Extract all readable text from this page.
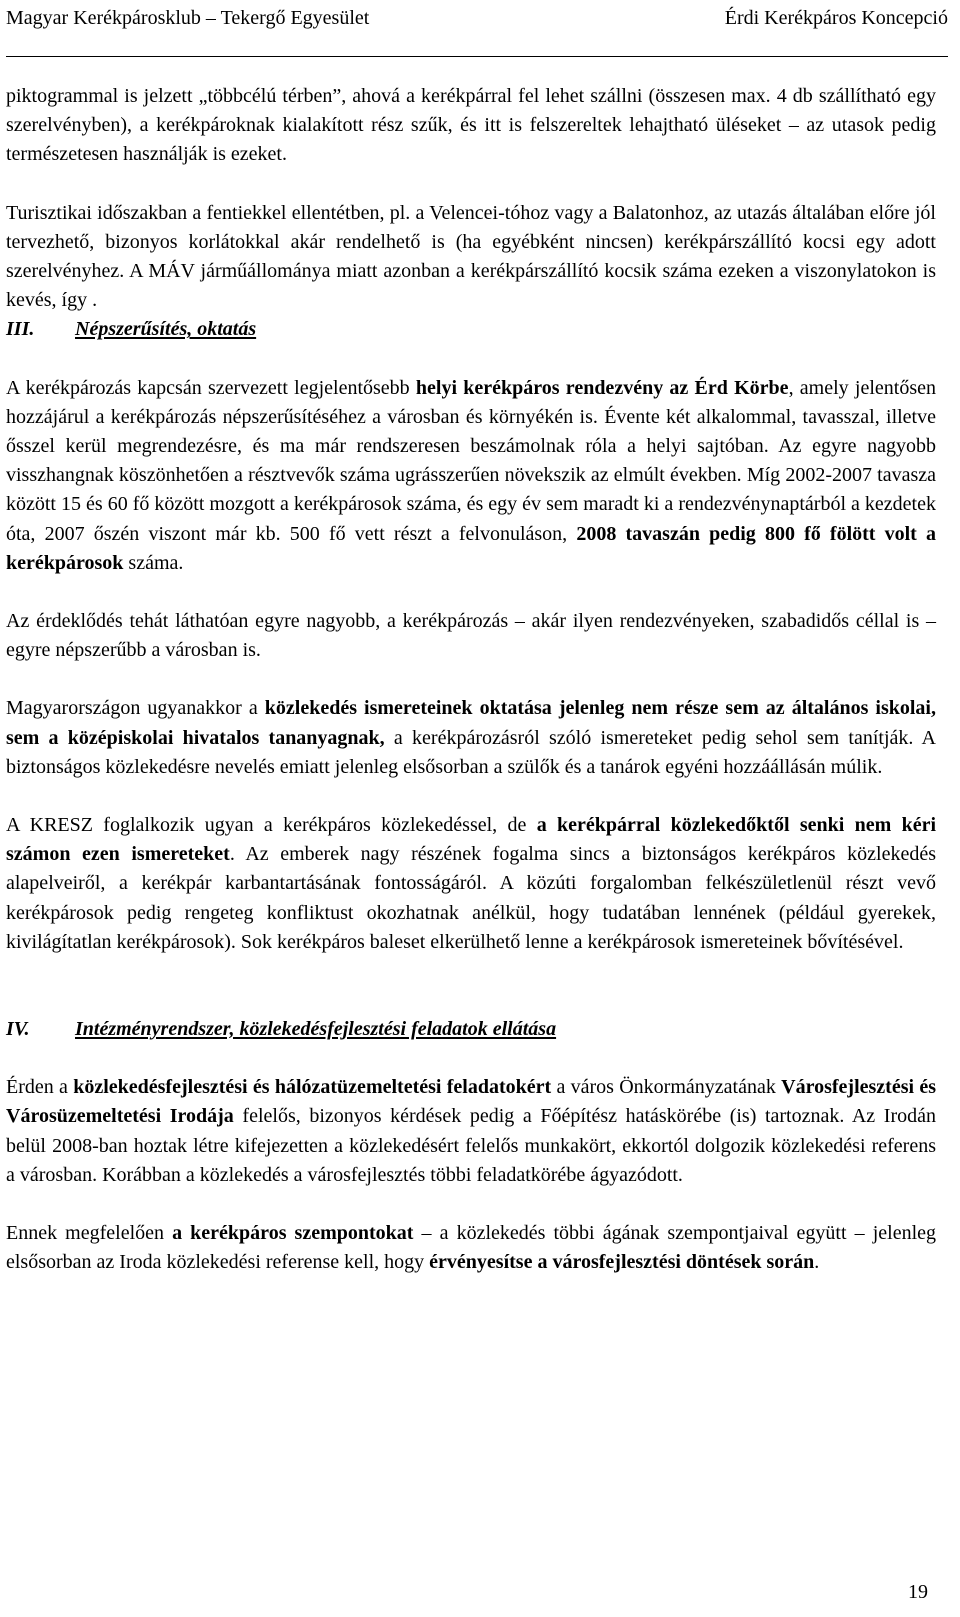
Magyar Kerékpárosklub – Tekergő Egyesület	Érdi Kerékpáros Koncepció

piktogrammal is jelzett „többcélú térben”, ahová a kerékpárral fel lehet szállni (összesen max. 4 db szállítható egy szerelvényben), a kerékpároknak kialakított rész szűk, és itt is felszereltek lehajtható üléseket – az utasok pedig természetesen használják is ezeket.

Turisztikai időszakban a fentiekkel ellentétben, pl. a Velencei-tóhoz vagy a Balatonhoz, az utazás általában előre jól tervezhető, bizonyos korlátokkal akár rendelhető is (ha egyébként nincsen) kerékpárszállító kocsi egy adott szerelvényhez. A MÁV járműállománya miatt azonban a kerékpárszállító kocsik száma ezeken a viszonylatokon is kevés, így .

III. Népszerűsítés, oktatás

A kerékpározás kapcsán szervezett legjelentősebb helyi kerékpáros rendezvény az Érd Körbe, amely jelentősen hozzájárul a kerékpározás népszerűsítéséhez a városban és környékén is. Évente két alkalommal, tavasszal, illetve ősszel kerül megrendezésre, és ma már rendszeresen beszámolnak róla a helyi sajtóban. Az egyre nagyobb visszhangnak köszönhetően a résztvevők száma ugrásszerűen növekszik az elmúlt években. Míg 2002-2007 tavasza között 15 és 60 fő között mozgott a kerékpárosok száma, és egy év sem maradt ki a rendezvénynaptárból a kezdetek óta, 2007 őszén viszont már kb. 500 fő vett részt a felvonuláson, 2008 tavaszán pedig 800 fő fölött volt a kerékpárosok száma.

Az érdeklődés tehát láthatóan egyre nagyobb, a kerékpározás – akár ilyen rendezvényeken, szabadidős céllal is – egyre népszerűbb a városban is.

Magyarországon ugyanakkor a közlekedés ismereteinek oktatása jelenleg nem része sem az általános iskolai, sem a középiskolai hivatalos tananyagnak, a kerékpározásról szóló ismereteket pedig sehol sem tanítják. A biztonságos közlekedésre nevelés emiatt jelenleg elsősorban a szülők és a tanárok egyéni hozzáállásán múlik.

A KRESZ foglalkozik ugyan a kerékpáros közlekedéssel, de a kerékpárral közlekedőktől senki nem kéri számon ezen ismereteket. Az emberek nagy részének fogalma sincs a biztonságos kerékpáros közlekedés alapelveiről, a kerékpár karbantartásának fontosságáról. A közúti forgalomban felkészületlenül részt vevő kerékpárosok pedig rengeteg konfliktust okozhatnak anélkül, hogy tudatában lennének (például gyerekek, kivilágítatlan kerékpárosok). Sok kerékpáros baleset elkerülhető lenne a kerékpárosok ismereteinek bővítésével.

IV. Intézményrendszer, közlekedésfejlesztési feladatok ellátása

Érden a közlekedésfejlesztési és hálózatüzemeltetési feladatokért a város Önkormányzatának Városfejlesztési és Városüzemeltetési Irodája felelős, bizonyos kérdések pedig a Főépítész hatáskörébe (is) tartoznak. Az Irodán belül 2008-ban hoztak létre kifejezetten a közlekedésért felelős munkakört, ekkortól dolgozik közlekedési referens a városban. Korábban a közlekedés a városfejlesztés többi feladatkörébe ágyazódott.

Ennek megfelelően a kerékpáros szempontokat – a közlekedés többi ágának szempontjaival együtt – jelenleg elsősorban az Iroda közlekedési referense kell, hogy érvényesítse a városfejlesztési döntések során.

19
